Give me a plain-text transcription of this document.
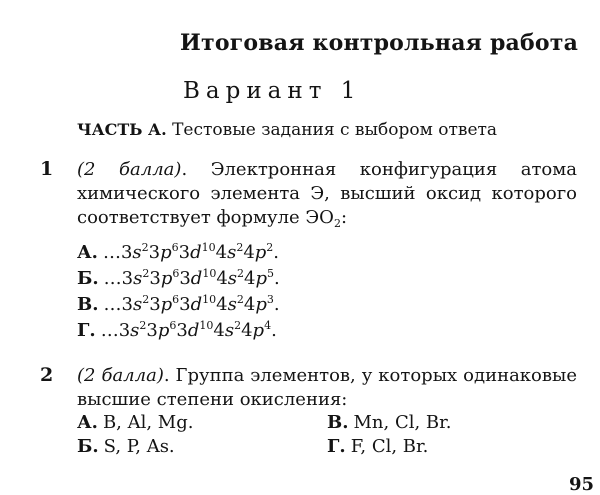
Итоговая контрольная работа
Вариант 1
ЧАСТЬ А. Тестовые задания с выбором ответа
1 (2 балла). Электронная конфигурация атома химического элемента Э, высший оксид которого соответствует формуле $ЭО_2$:
А. $\dots 3s^23p^63d^{10}4s^24p^2$.
Б. $\dots 3s^23p^63d^{10}4s^24p^5$.
В. $\dots 3s^23p^63d^{10}4s^24p^3$.
Г. $\dots 3s^23p^63d^{10}4s^24p^4$.
2 (2 балла). Группа элементов, у которых одинаковые высшие степени окисления:
А. B, Al, Mg.	В. Mn, Cl, Br.
Б. S, P, As.	Г. F, Cl, Br.
95
